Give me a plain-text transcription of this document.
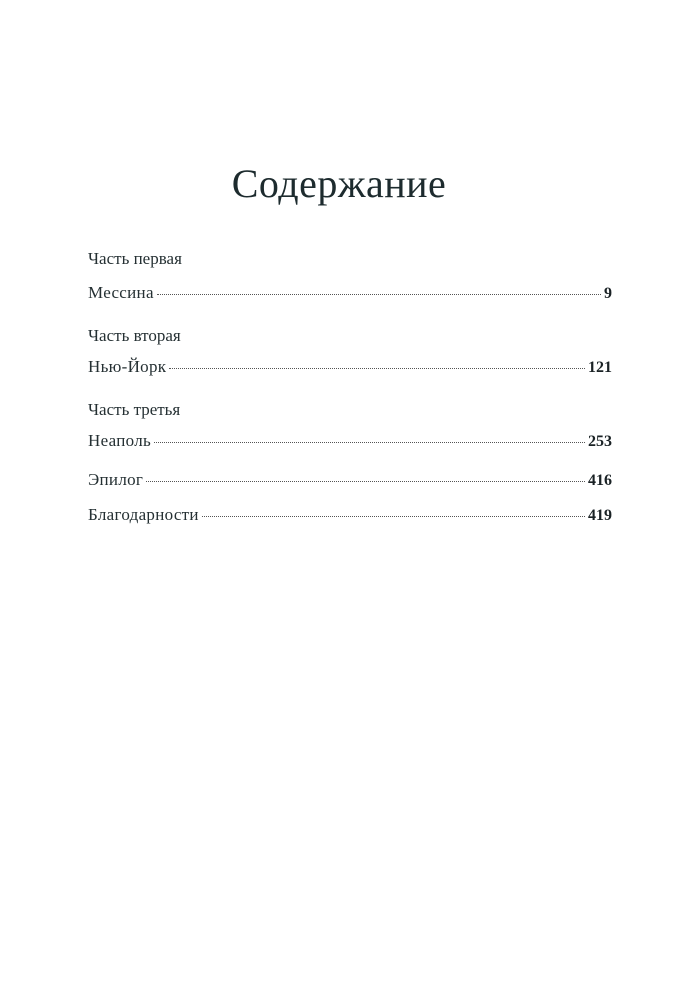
Содержание
Часть первая
Мессина	9
Часть вторая
Нью-Йорк	121
Часть третья
Неаполь	253
Эпилог	416
Благодарности	419
